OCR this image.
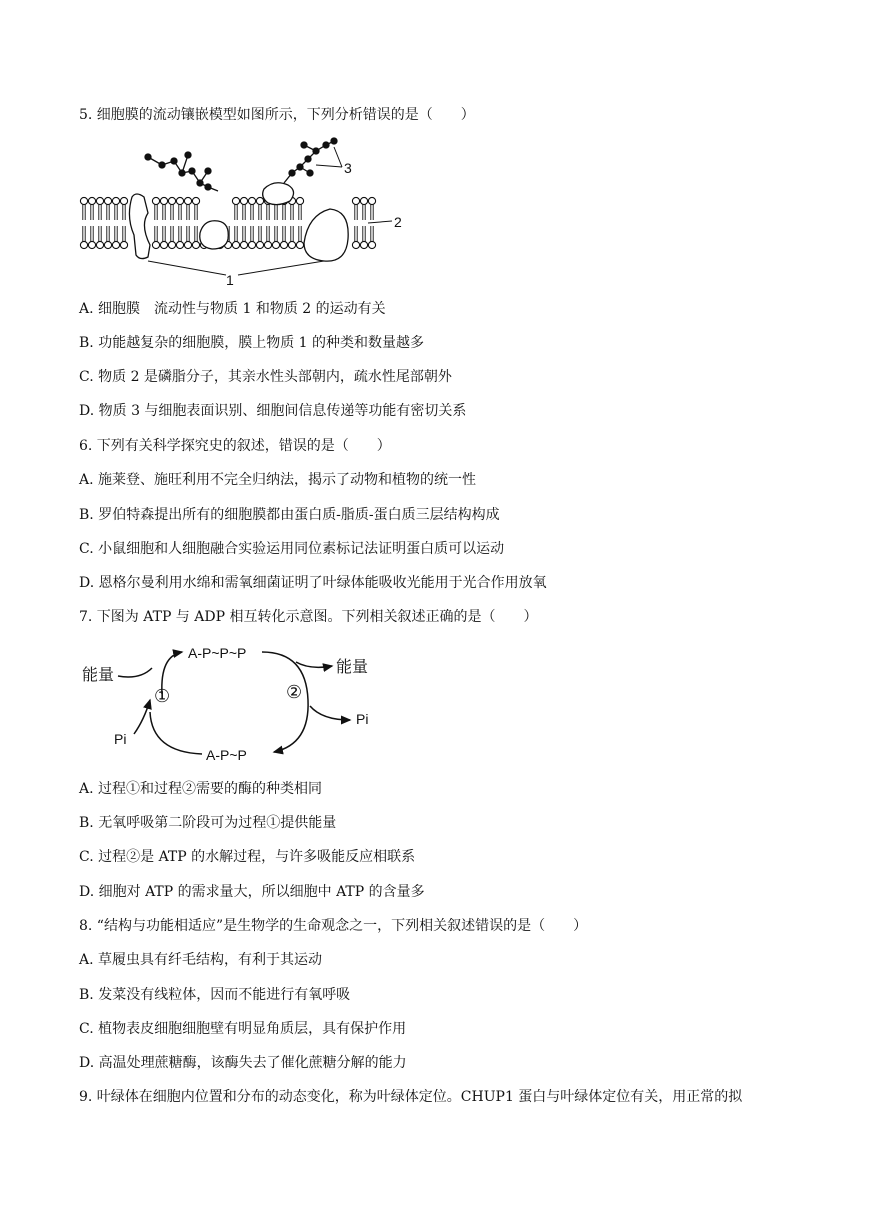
5. 细胞膜的流动镶嵌模型如图所示，下列分析错误的是（　　）
3
2
1
A. 细胞膜　流动性与物质 1 和物质 2 的运动有关
B. 功能越复杂的细胞膜，膜上物质 1 的种类和数量越多
C. 物质 2 是磷脂分子，其亲水性头部朝内，疏水性尾部朝外
D. 物质 3 与细胞表面识别、细胞间信息传递等功能有密切关系
6. 下列有关科学探究史的叙述，错误的是（　　）
A. 施莱登、施旺利用不完全归纳法，揭示了动物和植物的统一性
B. 罗伯特森提出所有的细胞膜都由蛋白质-脂质-蛋白质三层结构构成
C. 小鼠细胞和人细胞融合实验运用同位素标记法证明蛋白质可以运动
D. 恩格尔曼利用水绵和需氧细菌证明了叶绿体能吸收光能用于光合作用放氧
7. 下图为 ATP 与 ADP 相互转化示意图。下列相关叙述正确的是（　　）
A-P~P~P
A-P~P
能量	能量
Pi
Pi
①	②
A. 过程①和过程②需要的酶的种类相同
B. 无氧呼吸第二阶段可为过程①提供能量
C. 过程②是 ATP 的水解过程，与许多吸能反应相联系
D. 细胞对 ATP 的需求量大，所以细胞中 ATP 的含量多
8. “结构与功能相适应”是生物学的生命观念之一，下列相关叙述错误的是（　　）
A. 草履虫具有纤毛结构，有利于其运动
B. 发菜没有线粒体，因而不能进行有氧呼吸
C. 植物表皮细胞细胞壁有明显角质层，具有保护作用
D. 高温处理蔗糖酶，该酶失去了催化蔗糖分解的能力
9. 叶绿体在细胞内位置和分布的动态变化，称为叶绿体定位。CHUP1 蛋白与叶绿体定位有关，用正常的拟
